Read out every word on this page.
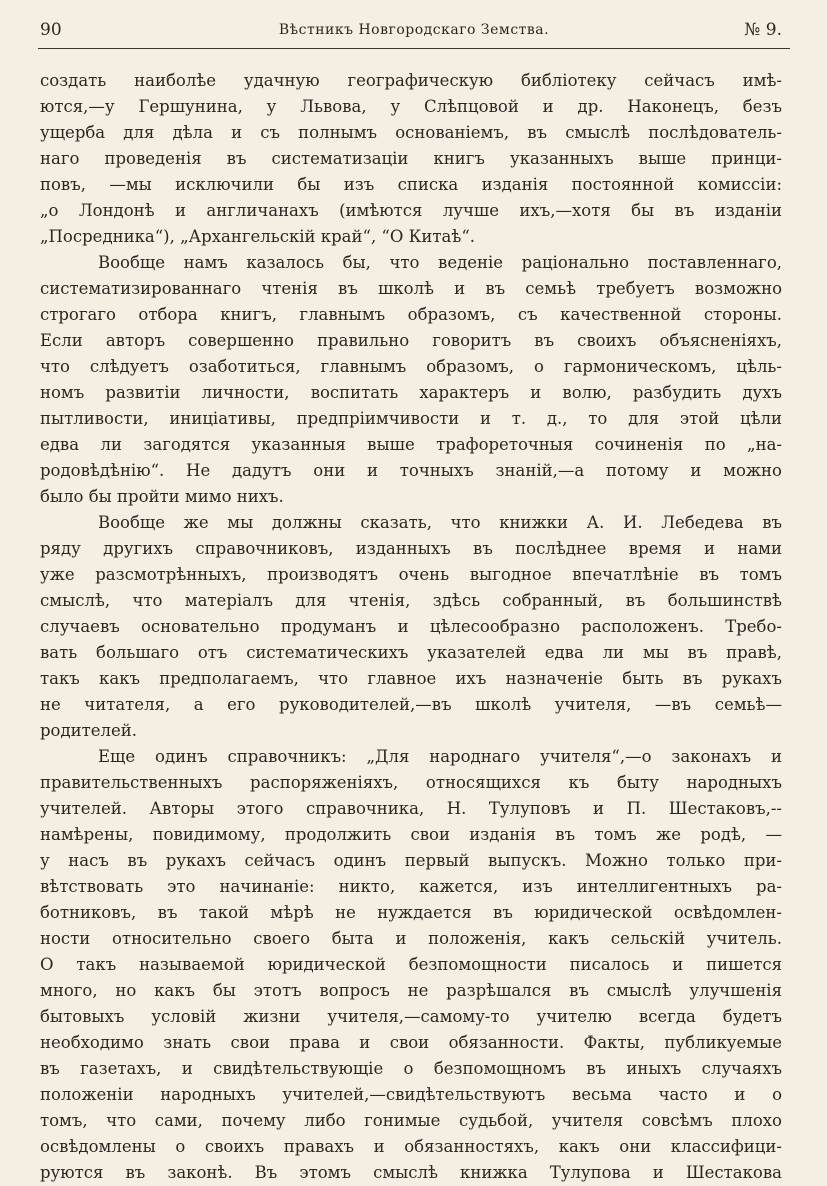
90	Вѣстникъ Новгородскаго Земства.	№ 9.
создать наиболѣе удачную географическую библіотеку сейчасъ имѣ-
ются,—у Гершунина, у Львова, у Слѣпцовой и др. Наконецъ, безъ
ущерба для дѣла и съ полнымъ основаніемъ, въ смыслѣ послѣдователь-
наго проведенія въ систематизаціи книгъ указанныхъ выше принци-
повъ, —мы исключили бы изъ списка изданія постоянной комиссіи:
„о Лондонѣ и англичанахъ (имѣются лучше ихъ,—хотя бы въ изданіи
„Посредника“), „Архангельскій край“, “О Китаѣ“.
Вообще намъ казалось бы, что веденіе раціонально поставленнаго,
систематизированнаго чтенія въ школѣ и въ семьѣ требуетъ возможно
строгаго отбора книгъ, главнымъ образомъ, съ качественной стороны.
Если авторъ совершенно правильно говоритъ въ своихъ объясненіяхъ,
что слѣдуетъ озаботиться, главнымъ образомъ, о гармоническомъ, цѣль-
номъ развитіи личности, воспитать характеръ и волю, разбудить духъ
пытливости, иниціативы, предпріимчивости и т. д., то для этой цѣли
едва ли загодятся указанныя выше трафореточныя сочиненія по „на-
родовѣдѣнію“. Не дадутъ они и точныхъ знаній,—а потому и можно
было бы пройти мимо нихъ.
Вообще же мы должны сказать, что книжки А. И. Лебедева въ
ряду другихъ справочниковъ, изданныхъ въ послѣднее время и нами
уже разсмотрѣнныхъ, производятъ очень выгодное впечатлѣніе въ томъ
смыслѣ, что матеріалъ для чтенія, здѣсь собранный, въ большинствѣ
случаевъ основательно продуманъ и цѣлесообразно расположенъ. Требо-
вать большаго отъ систематическихъ указателей едва ли мы въ правѣ,
такъ какъ предполагаемъ, что главное ихъ назначеніе быть въ рукахъ
не читателя, а его руководителей,—въ школѣ учителя, —въ семьѣ—
родителей.
Еще одинъ справочникъ: „Для народнаго учителя“,—о законахъ и
правительственныхъ распоряженіяхъ, относящихся къ быту народныхъ
учителей. Авторы этого справочника, Н. Тулуповъ и П. Шестаковъ,--
намѣрены, повидимому, продолжить свои изданія въ томъ же родѣ, —
у насъ въ рукахъ сейчасъ одинъ первый выпускъ. Можно только при-
вѣтствовать это начинаніе: никто, кажется, изъ интеллигентныхъ ра-
ботниковъ, въ такой мѣрѣ не нуждается въ юридической освѣдомлен-
ности относительно своего быта и положенія, какъ сельскій учитель.
О такъ называемой юридической безпомощности писалось и пишется
много, но какъ бы этотъ вопросъ не разрѣшался въ смыслѣ улучшенія
бытовыхъ условій жизни учителя,—самому-то учителю всегда будетъ
необходимо знать свои права и свои обязанности. Факты, публикуемые
въ газетахъ, и свидѣтельствующіе о безпомощномъ въ иныхъ случаяхъ
положеніи народныхъ учителей,—свидѣтельствуютъ весьма часто и о
томъ, что сами, почему либо гонимые судьбой, учителя совсѣмъ плохо
освѣдомлены о своихъ правахъ и обязанностяхъ, какъ они классифици-
руются въ законѣ. Въ этомъ смыслѣ книжка Тулупова и Шестакова
